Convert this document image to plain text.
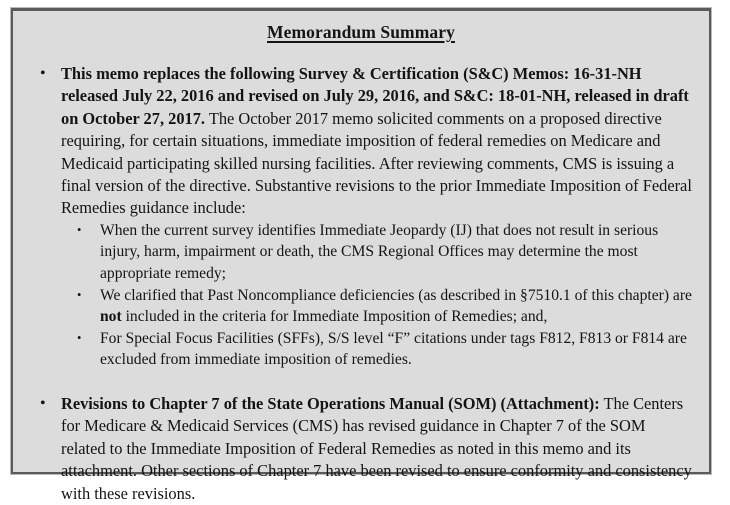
Memorandum Summary
• This memo replaces the following Survey & Certification (S&C) Memos: 16-31-NH released July 22, 2016 and revised on July 29, 2016, and S&C: 18-01-NH, released in draft on October 27, 2017. The October 2017 memo solicited comments on a proposed directive requiring, for certain situations, immediate imposition of federal remedies on Medicare and Medicaid participating skilled nursing facilities. After reviewing comments, CMS is issuing a final version of the directive. Substantive revisions to the prior Immediate Imposition of Federal Remedies guidance include:
• When the current survey identifies Immediate Jeopardy (IJ) that does not result in serious injury, harm, impairment or death, the CMS Regional Offices may determine the most appropriate remedy;
• We clarified that Past Noncompliance deficiencies (as described in §7510.1 of this chapter) are not included in the criteria for Immediate Imposition of Remedies; and,
• For Special Focus Facilities (SFFs), S/S level “F” citations under tags F812, F813 or F814 are excluded from immediate imposition of remedies.
• Revisions to Chapter 7 of the State Operations Manual (SOM) (Attachment): The Centers for Medicare & Medicaid Services (CMS) has revised guidance in Chapter 7 of the SOM related to the Immediate Imposition of Federal Remedies as noted in this memo and its attachment. Other sections of Chapter 7 have been revised to ensure conformity and consistency with these revisions.
